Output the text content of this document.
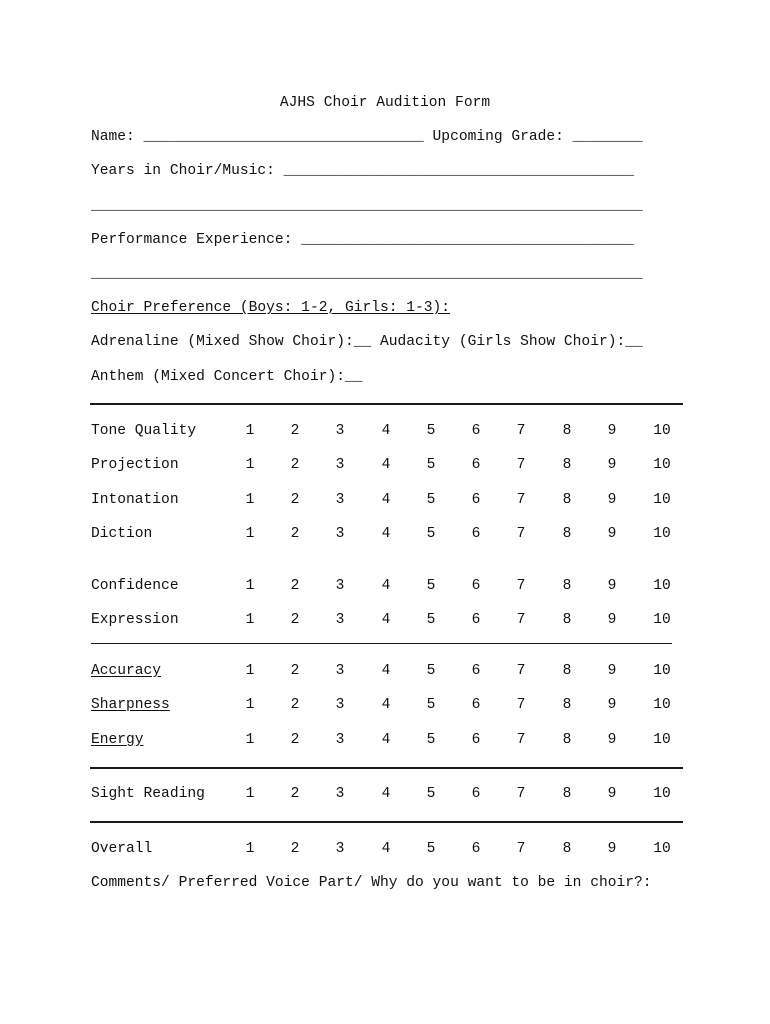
AJHS Choir Audition Form
Name: ________________________________ Upcoming Grade: ________
Years in Choir/Music: ________________________________________
_______________________________________________________________
Performance Experience: ______________________________________
_______________________________________________________________
Choir Preference (Boys: 1-2, Girls: 1-3):
Adrenaline (Mixed Show Choir):__ Audacity (Girls Show Choir):__
Anthem (Mixed Concert Choir):__
Tone Quality	1	2	3	4	5	6	7	8	9	10
Projection	1	2	3	4	5	6	7	8	9	10
Intonation	1	2	3	4	5	6	7	8	9	10
Diction	1	2	3	4	5	6	7	8	9	10
Confidence	1	2	3	4	5	6	7	8	9	10
Expression	1	2	3	4	5	6	7	8	9	10
Accuracy	1	2	3	4	5	6	7	8	9	10
Sharpness	1	2	3	4	5	6	7	8	9	10
Energy	1	2	3	4	5	6	7	8	9	10
Sight Reading	1	2	3	4	5	6	7	8	9	10
Overall	1	2	3	4	5	6	7	8	9	10
Comments/ Preferred Voice Part/ Why do you want to be in choir?:
